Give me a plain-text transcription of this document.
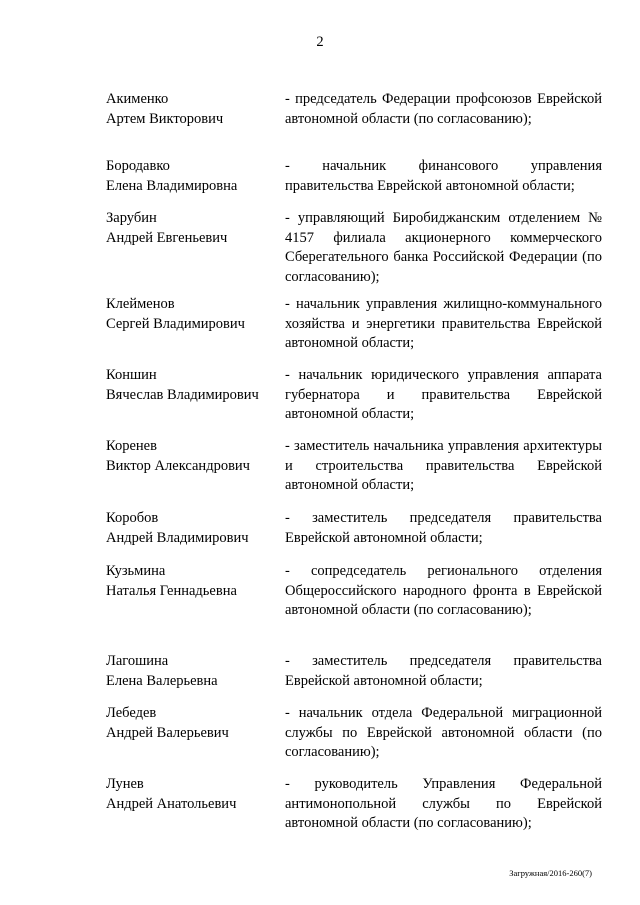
2
Акименко
Артем Викторович
- председатель Федерации профсоюзов Еврейской автономной области (по согласованию);
Бородавко
Елена Владимировна
- начальник финансового управления правительства Еврейской автономной области;
Зарубин
Андрей Евгеньевич
- управляющий Биробиджанским отделением № 4157 филиала акционерного коммерческого Сберегательного банка Российской Федерации (по согласованию);
Клейменов
Сергей Владимирович
- начальник управления жилищно-коммунального хозяйства и энергетики правительства Еврейской автономной области;
Коншин
Вячеслав Владимирович
- начальник юридического управления аппарата губернатора и правительства Еврейской автономной области;
Коренев
Виктор Александрович
- заместитель начальника управления архитектуры и строительства правительства Еврейской автономной области;
Коробов
Андрей Владимирович
- заместитель председателя правительства Еврейской автономной области;
Кузьмина
Наталья Геннадьевна
- сопредседатель регионального отделения Общероссийского народного фронта в Еврейской автономной области (по согласованию);
Лагошина
Елена Валерьевна
- заместитель председателя правительства Еврейской автономной области;
Лебедев
Андрей Валерьевич
- начальник отдела Федеральной миграционной службы по Еврейской автономной области (по согласованию);
Лунев
Андрей Анатольевич
- руководитель Управления Федеральной антимонопольной службы по Еврейской автономной области (по согласованию);
Загружная/2016-260(7)
